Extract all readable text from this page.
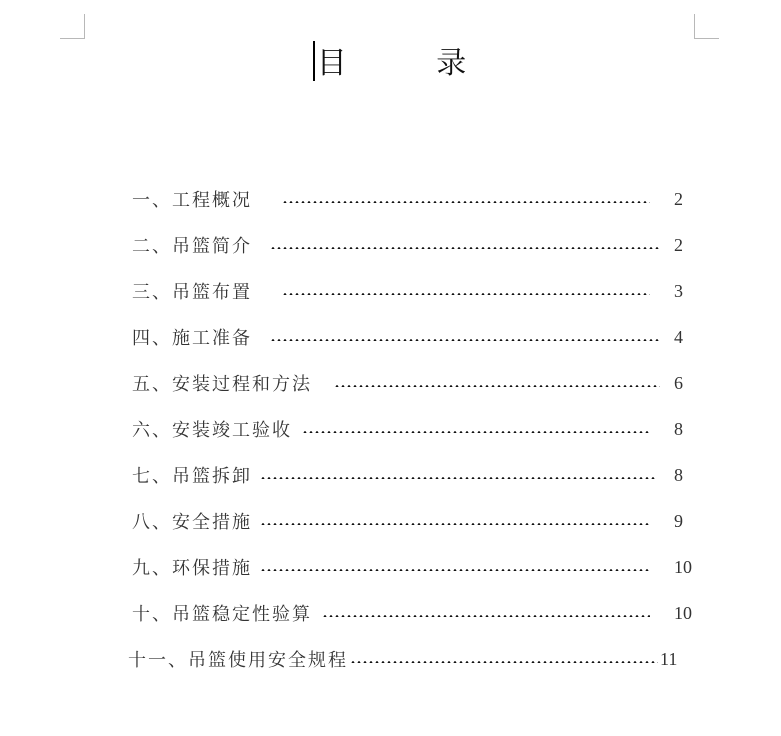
目	录
一、工程概况	2
二、吊篮简介	2
三、吊篮布置	3
四、施工准备	4
五、安装过程和方法	6
六、安装竣工验收	8
七、吊篮拆卸	8
八、安全措施	9
九、环保措施	10
十、吊篮稳定性验算	10
十一、吊篮使用安全规程	11
